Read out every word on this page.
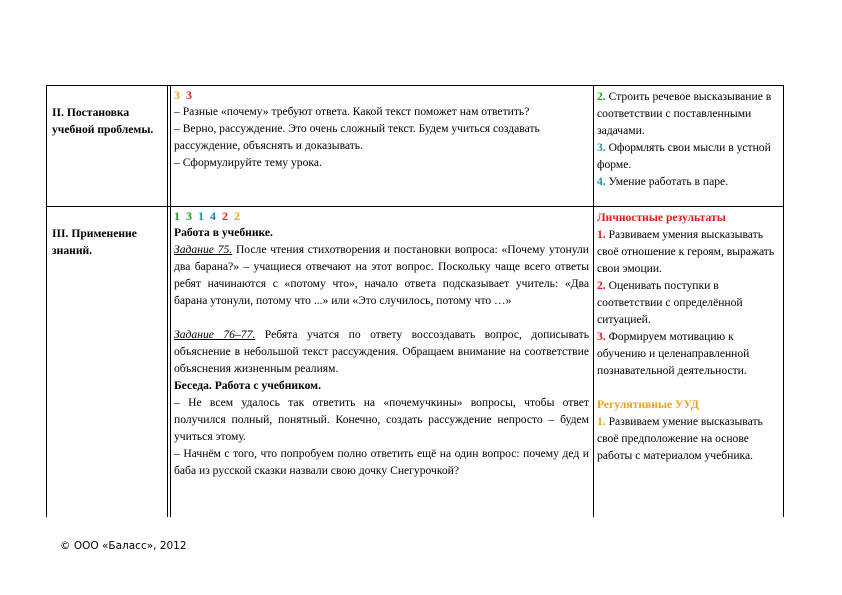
II. Постановка учебной проблемы.
3 3
– Разные «почему» требуют ответа. Какой текст поможет нам ответить?
– Верно, рассуждение. Это очень сложный текст. Будем учиться создавать рассуждение, объяснять и доказывать.
– Сформулируйте тему урока.
2. Строить речевое высказывание в соответствии с поставленными задачами.
3. Оформлять свои мысли в устной форме.
4. Умение работать в паре.
III. Применение знаний.
1 3 1 4 2 2
Работа в учебнике.
Задание 75. После чтения стихотворения и постановки вопроса: «Почему утонули два барана?» – учащиеся отвечают на этот вопрос. Поскольку чаще всего ответы ребят начинаются с «потому что», начало ответа подсказывает учитель: «Два барана утонули, потому что ...» или «Это случилось, потому что …»
Задание 76–77. Ребята учатся по ответу воссоздавать вопрос, дописывать объяснение в небольшой текст рассуждения. Обращаем внимание на соответствие объяснения жизненным реалиям.
Беседа. Работа с учебником.
– Не всем удалось так ответить на «почемучкины» вопросы, чтобы ответ получился полный, понятный. Конечно, создать рассуждение непросто – будем учиться этому.
– Начнём с того, что попробуем полно ответить ещё на один вопрос: почему дед и баба из русской сказки назвали свою дочку Снегурочкой?
Личностные результаты
1. Развиваем умения высказывать своё отношение к героям, выражать свои эмоции.
2. Оценивать поступки в соответствии с определённой ситуацией.
3. Формируем мотивацию к обучению и целенаправленной познавательной деятельности.
Регулятивные УУД
1. Развиваем умение высказывать своё предположение на основе работы с материалом учебника.
© ООО «Баласс», 2012
